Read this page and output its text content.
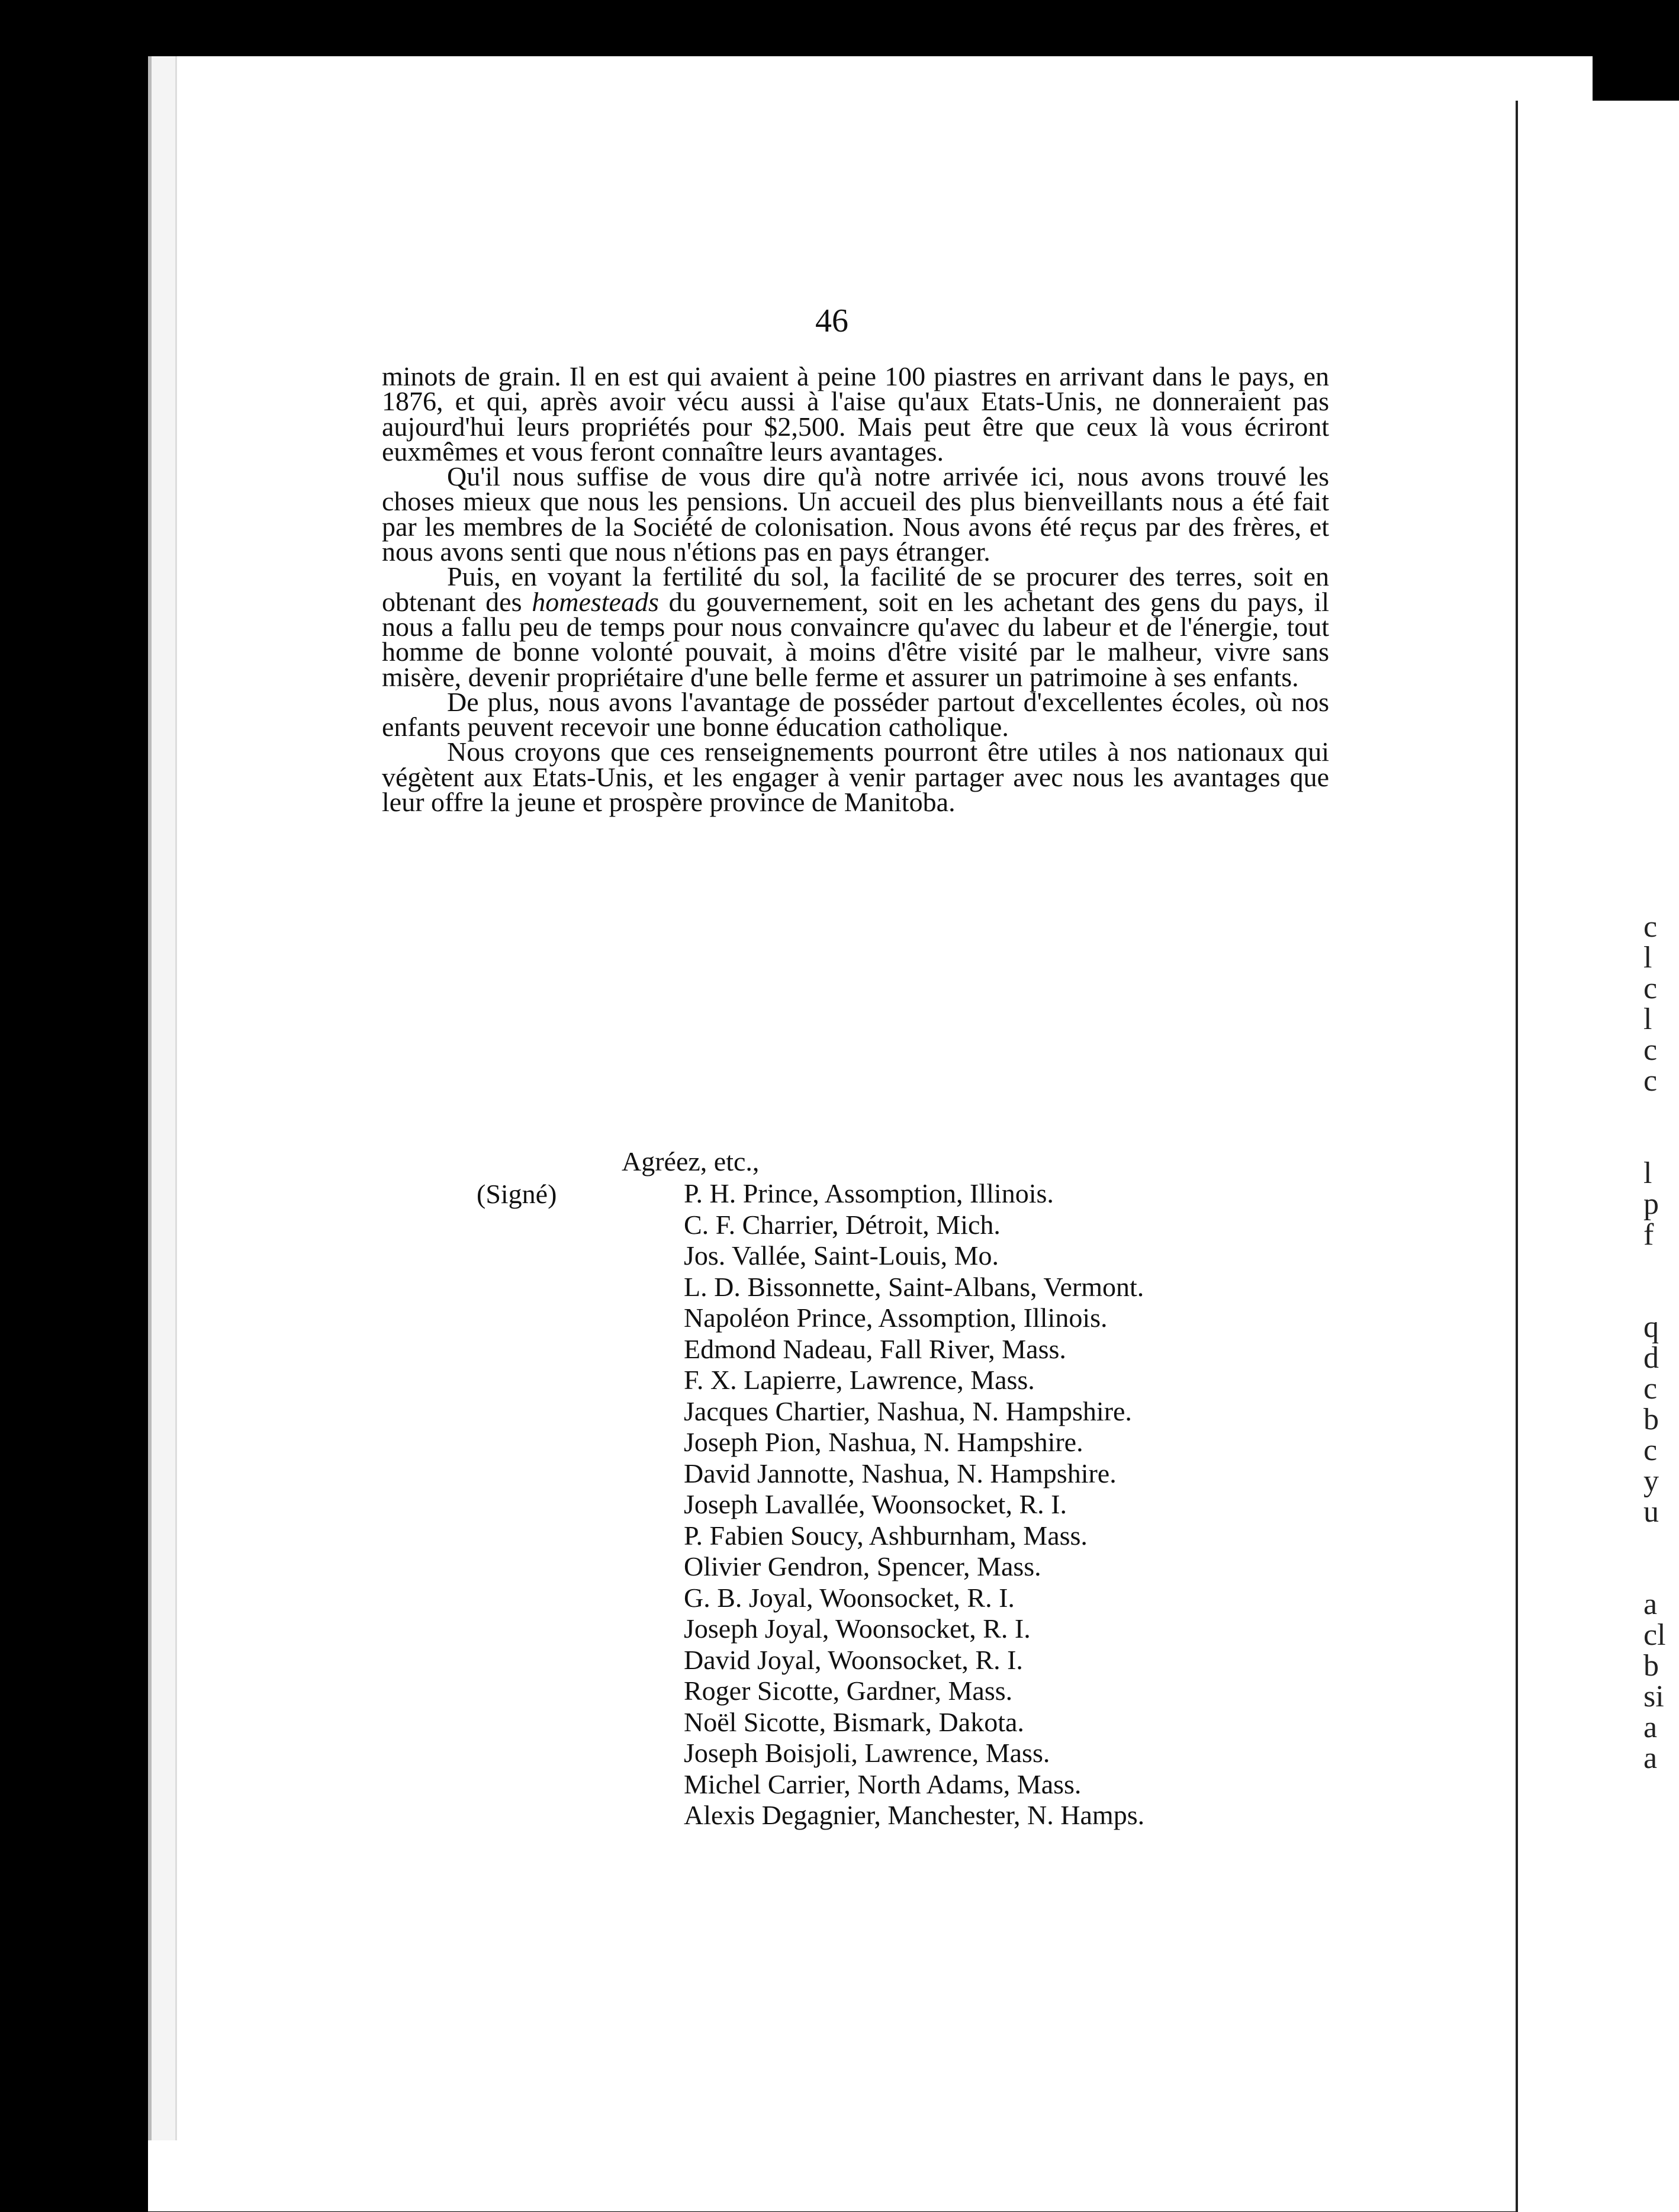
c
l
c
l
c
c
l
p
f
q
d
c
b
c
y
u
a
cl
b
si
a
a
46

minots de grain. Il en est qui avaient à peine 100 piastres en arrivant dans le pays, en 1876, et qui, après avoir vécu aussi à l'aise qu'aux Etats-Unis, ne donneraient pas aujourd'hui leurs propriétés pour $2,500. Mais peut être que ceux là vous écriront euxmêmes et vous feront connaître leurs avantages.

Qu'il nous suffise de vous dire qu'à notre arrivée ici, nous avons trouvé les choses mieux que nous les pensions. Un accueil des plus bienveillants nous a été fait par les membres de la Société de colonisation. Nous avons été reçus par des frères, et nous avons senti que nous n'étions pas en pays étranger.

Puis, en voyant la fertilité du sol, la facilité de se procurer des terres, soit en obtenant des homesteads du gouvernement, soit en les achetant des gens du pays, il nous a fallu peu de temps pour nous convaincre qu'avec du labeur et de l'énergie, tout homme de bonne volonté pouvait, à moins d'être visité par le malheur, vivre sans misère, devenir propriétaire d'une belle ferme et assurer un patrimoine à ses enfants.

De plus, nous avons l'avantage de posséder partout d'excellentes écoles, où nos enfants peuvent recevoir une bonne éducation catholique.

Nous croyons que ces renseignements pourront être utiles à nos nationaux qui végètent aux Etats-Unis, et les engager à venir partager avec nous les avantages que leur offre la jeune et prospère province de Manitoba.

Agréez, etc.,
(Signé)	P. H. Prince, Assomption, Illinois.
C. F. Charrier, Détroit, Mich.
Jos. Vallée, Saint-Louis, Mo.
L. D. Bissonnette, Saint-Albans, Vermont.
Napoléon Prince, Assomption, Illinois.
Edmond Nadeau, Fall River, Mass.
F. X. Lapierre, Lawrence, Mass.
Jacques Chartier, Nashua, N. Hampshire.
Joseph Pion, Nashua, N. Hampshire.
David Jannotte, Nashua, N. Hampshire.
Joseph Lavallée, Woonsocket, R. I.
P. Fabien Soucy, Ashburnham, Mass.
Olivier Gendron, Spencer, Mass.
G. B. Joyal, Woonsocket, R. I.
Joseph Joyal, Woonsocket, R. I.
David Joyal, Woonsocket, R. I.
Roger Sicotte, Gardner, Mass.
Noël Sicotte, Bismark, Dakota.
Joseph Boisjoli, Lawrence, Mass.
Michel Carrier, North Adams, Mass.
Alexis Degagnier, Manchester, N. Hamps.
